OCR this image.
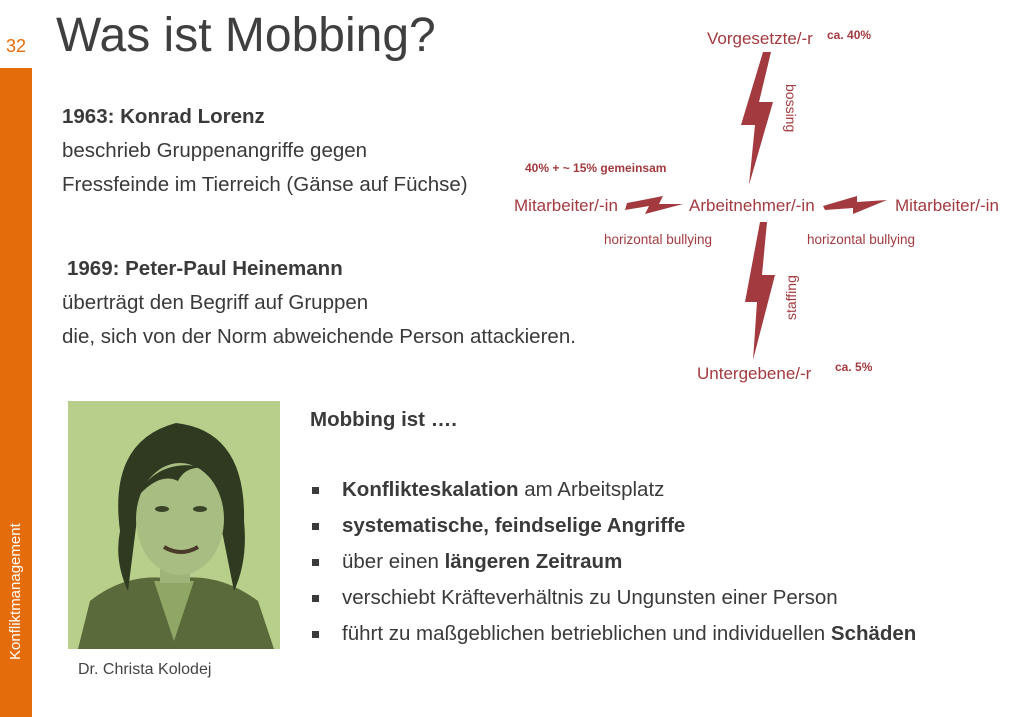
Konfliktmanagement
32 Was ist Mobbing?
1963: Konrad Lorenz
beschrieb Gruppenangriffe gegen
Fressfeinde im Tierreich (Gänse auf Füchse)
1969: Peter-Paul Heinemann
überträgt den Begriff auf Gruppen
die, sich von der Norm abweichende Person attackieren.
Vorgesetzte/-r ca. 40%
bossing
40% + ~ 15% gemeinsam
Mitarbeiter/-in	Arbeitnehmer/-in	Mitarbeiter/-in
horizontal bullying	horizontal bullying
staffing
Untergebene/-r ca. 5%
Dr. Christa Kolodej
Mobbing ist ….
Konflikteskalation am Arbeitsplatz
systematische, feindselige Angriffe
über einen längeren Zeitraum
verschiebt Kräfteverhältnis zu Ungunsten einer Person
führt zu maßgeblichen betrieblichen und individuellen Schäden
